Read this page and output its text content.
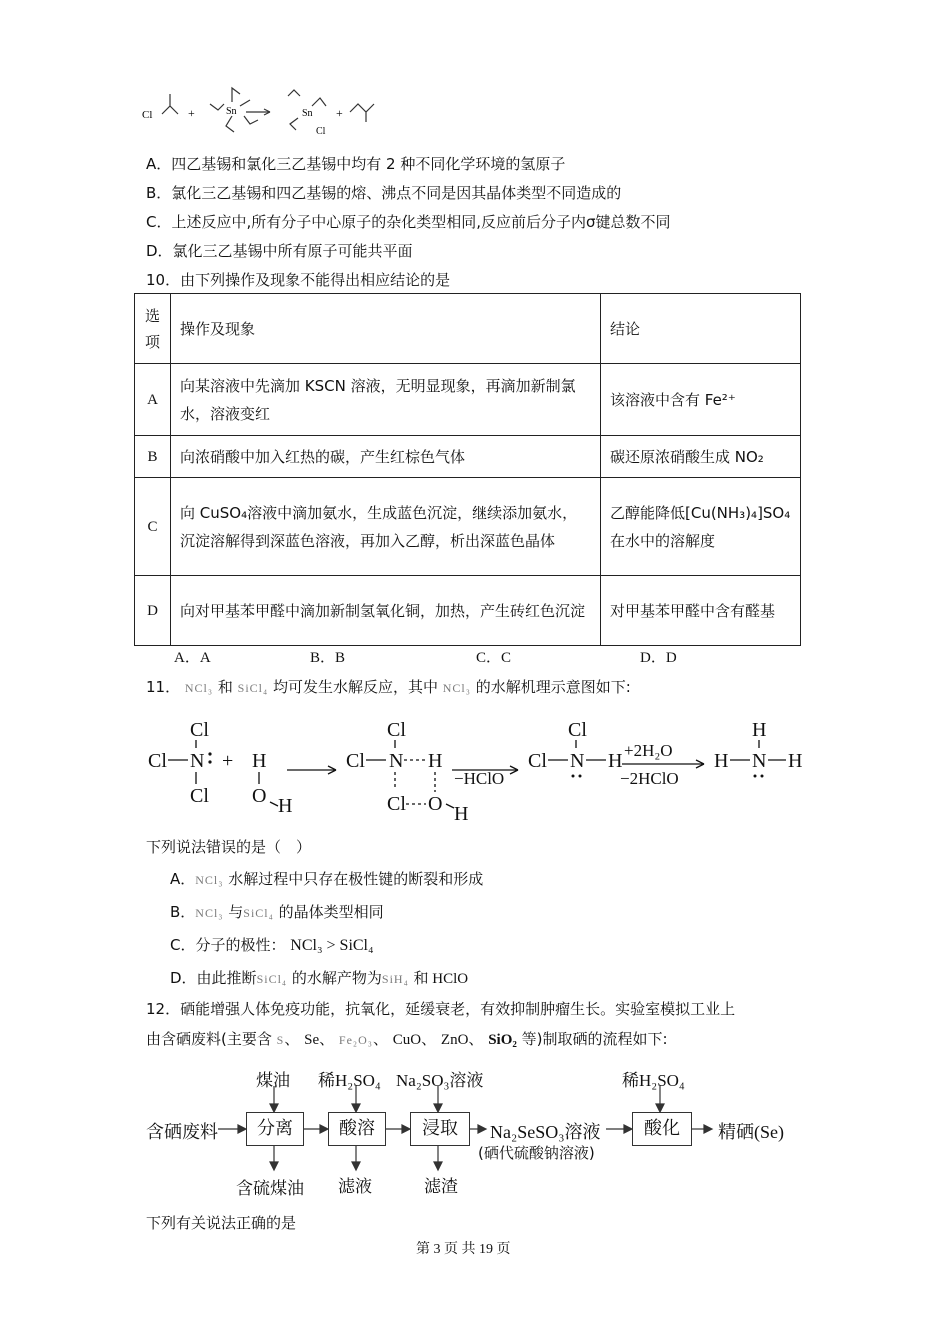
Cl	+	Sn	Sn
Cl
+
A．四乙基锡和氯化三乙基锡中均有 2 种不同化学环境的氢原子
B．氯化三乙基锡和四乙基锡的熔、沸点不同是因其晶体类型不同造成的
C．上述反应中,所有分子中心原子的杂化类型相同,反应前后分子内σ键总数不同
D．氯化三乙基锡中所有原子可能共平面
10．由下列操作及现象不能得出相应结论的是
选项	操作及现象	结论
A	向某溶液中先滴加 KSCN 溶液，无明显现象，再滴加新制氯水，溶液变红	该溶液中含有 Fe²⁺
B	向浓硝酸中加入红热的碳，产生红棕色气体	碳还原浓硝酸生成 NO₂
C	向 CuSO₄溶液中滴加氨水，生成蓝色沉淀，继续添加氨水，沉淀溶解得到深蓝色溶液，再加入乙醇，析出深蓝色晶体	乙醇能降低[Cu(NH₃)₄]SO₄在水中的溶解度
D	向对甲基苯甲醛中滴加新制氢氧化铜，加热，产生砖红色沉淀	对甲基苯甲醛中含有醛基
A．A	B．B	C．C	D．D
11． NCl₃ 和 SiCl₄ 均可发生水解反应，其中 NCl₃ 的水解机理示意图如下:
Cl
Cl N
Cl
+ H
O H
Cl
Cl N H
Cl O H
Cl N
Cl
H	H N
H
H
−HClO
+2H₂O
−2HClO
下列说法错误的是（　）
A．NCl₃ 水解过程中只存在极性键的断裂和形成
B．NCl₃ 与SiCl₄ 的晶体类型相同
C．分子的极性： NCl₃ > SiCl₄
D．由此推断SiCl₄ 的水解产物为SiH₄ 和 HClO
12．硒能增强人体免疫功能，抗氧化，延缓衰老，有效抑制肿瘤生长。实验室模拟工业上
由含硒废料(主要含 S、 Se、 Fe₂O₃、 CuO、 ZnO、 SiO₂ 等)制取硒的流程如下:
含硒废料	分离	酸溶	浸取	酸化
煤油 稀H₂SO₄ Na₂SO₃溶液	稀H₂SO₄
含硫煤油 滤液	滤渣
Na₂SeSO₃溶液
(硒代硫酸钠溶液)
精硒(Se)
下列有关说法正确的是
第 3 页 共 19 页
